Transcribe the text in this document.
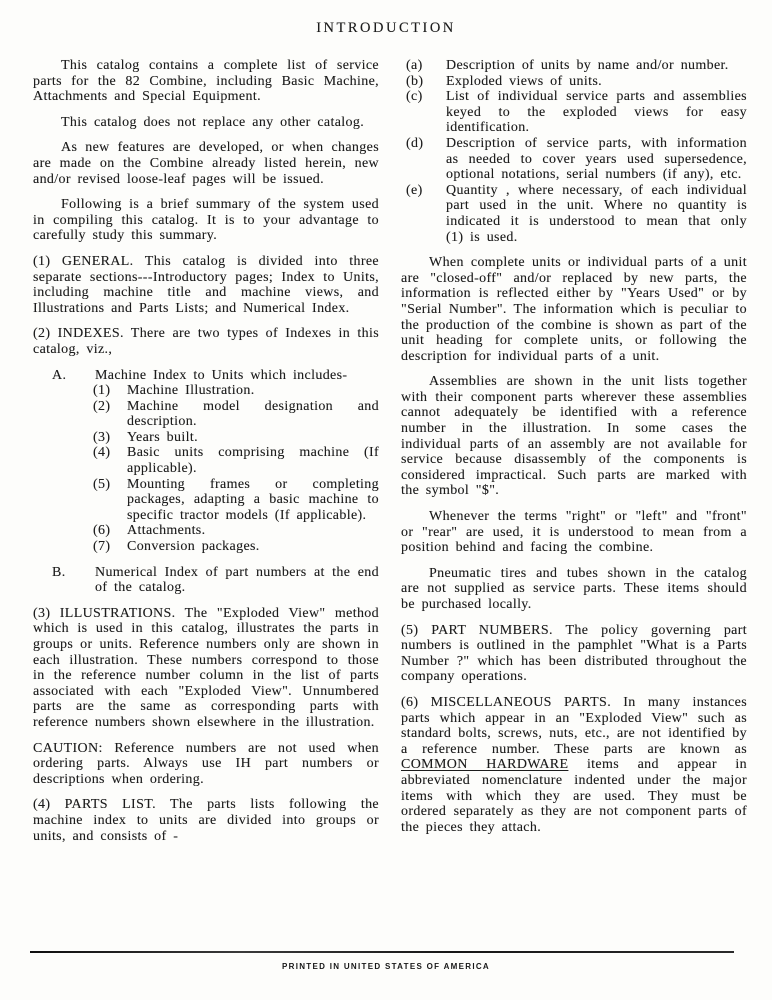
INTRODUCTION

This catalog contains a complete list of service parts for the 82 Combine, including Basic Machine, Attachments and Special Equipment.

This catalog does not replace any other catalog.

As new features are developed, or when changes are made on the Combine already listed herein, new and/or revised loose-leaf pages will be issued.

Following is a brief summary of the system used in compiling this catalog. It is to your advantage to carefully study this summary.

(1) GENERAL. This catalog is divided into three separate sections---Introductory pages; Index to Units, including machine title and machine views, and Illustrations and Parts Lists; and Numerical Index.

(2) INDEXES. There are two types of Indexes in this catalog, viz.,

A.	Machine Index to Units which includes-
(1)	Machine Illustration.
(2)	Machine model designation and description.
(3)	Years built.
(4)	Basic units comprising machine (If applicable).
(5)	Mounting frames or completing packages, adapting a basic machine to specific tractor models (If applicable).
(6)	Attachments.
(7)	Conversion packages.
B.	Numerical Index of part numbers at the end of the catalog.

(3) ILLUSTRATIONS. The "Exploded View" method which is used in this catalog, illustrates the parts in groups or units. Reference numbers only are shown in each illustration. These numbers correspond to those in the reference number column in the list of parts associated with each "Exploded View". Unnumbered parts are the same as corresponding parts with reference numbers shown elsewhere in the illustration.

CAUTION: Reference numbers are not used when ordering parts. Always use IH part numbers or descriptions when ordering.

(4) PARTS LIST. The parts lists following the machine index to units are divided into groups or units, and consists of -

(a)	Description of units by name and/or number.
(b)	Exploded views of units.
(c)	List of individual service parts and assemblies keyed to the exploded views for easy identification.
(d)	Description of service parts, with information as needed to cover years used supersedence, optional notations, serial numbers (if any), etc.
(e)	Quantity , where necessary, of each individual part used in the unit. Where no quantity is indicated it is understood to mean that only (1) is used.

When complete units or individual parts of a unit are "closed-off" and/or replaced by new parts, the information is reflected either by "Years Used" or by "Serial Number". The information which is peculiar to the production of the combine is shown as part of the unit heading for complete units, or following the description for individual parts of a unit.

Assemblies are shown in the unit lists together with their component parts wherever these assemblies cannot adequately be identified with a reference number in the illustration. In some cases the individual parts of an assembly are not available for service because disassembly of the components is considered impractical. Such parts are marked with the symbol "$".

Whenever the terms "right" or "left" and "front" or "rear" are used, it is understood to mean from a position behind and facing the combine.

Pneumatic tires and tubes shown in the catalog are not supplied as service parts. These items should be purchased locally.

(5) PART NUMBERS. The policy governing part numbers is outlined in the pamphlet "What is a Parts Number ?" which has been distributed throughout the company operations.

(6) MISCELLANEOUS PARTS. In many instances parts which appear in an "Exploded View" such as standard bolts, screws, nuts, etc., are not identified by a reference number. These parts are known as COMMON HARDWARE items and appear in abbreviated nomenclature indented under the major items with which they are used. They must be ordered separately as they are not component parts of the pieces they attach.

PRINTED IN UNITED STATES OF AMERICA
